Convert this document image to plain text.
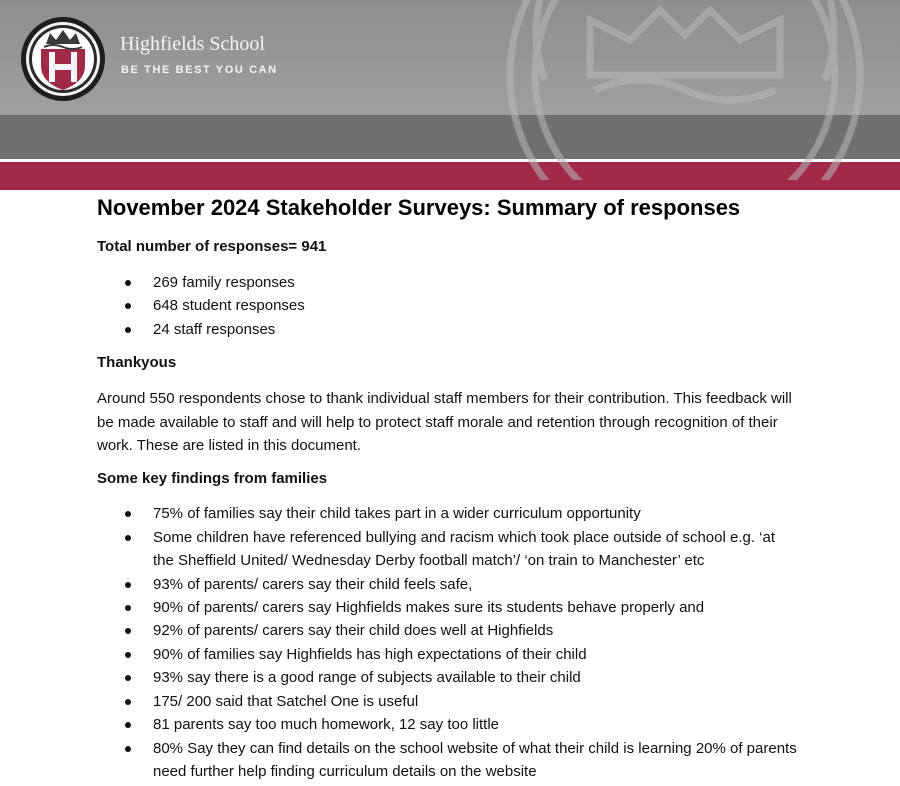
Highfields School
BE THE BEST YOU CAN
November 2024 Stakeholder Surveys: Summary of responses
Total number of responses= 941
269 family responses
648 student responses
24 staff responses
Thankyous

Around 550 respondents chose to thank individual staff members for their contribution. This feedback will be made available to staff and will help to protect staff morale and retention through recognition of their work. These are listed in this document.

Some key findings from families
75% of families say their child takes part in a wider curriculum opportunity
Some children have referenced bullying and racism which took place outside of school e.g. ‘at the Sheffield United/ Wednesday Derby football match’/ ‘on train to Manchester’ etc
93% of parents/ carers say their child feels safe,
90% of parents/ carers say Highfields makes sure its students behave properly and
92% of parents/ carers say their child does well at Highfields
90% of families say Highfields has high expectations of their child
93% say there is a good range of subjects available to their child
175/ 200 said that Satchel One is useful
81 parents say too much homework, 12 say too little
80% Say they can find details on the school website of what their child is learning 20% of parents need further help finding curriculum details on the website
